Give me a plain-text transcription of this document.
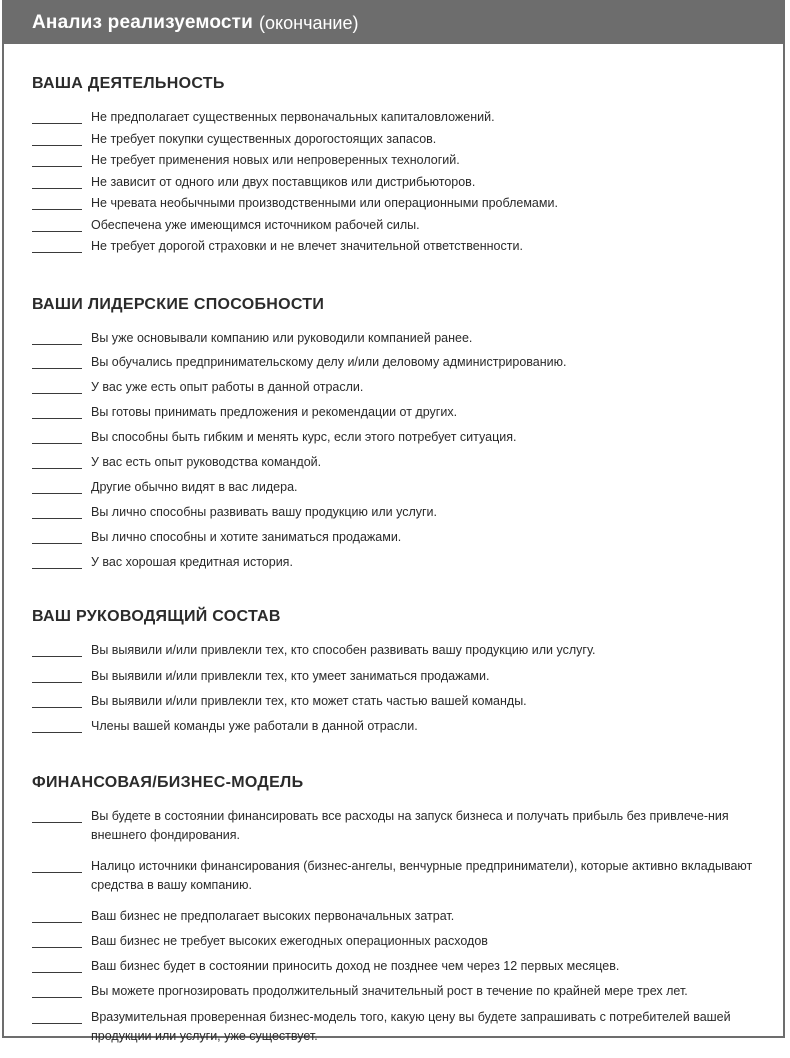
Анализ реализуемости (окончание)
ВАША ДЕЯТЕЛЬНОСТЬ
Не предполагает существенных первоначальных капиталовложений.
Не требует покупки существенных дорогостоящих запасов.
Не требует применения новых или непроверенных технологий.
Не зависит от одного или двух поставщиков или дистрибьюторов.
Не чревата необычными производственными или операционными проблемами.
Обеспечена уже имеющимся источником рабочей силы.
Не требует дорогой страховки и не влечет значительной ответственности.
ВАШИ ЛИДЕРСКИЕ СПОСОБНОСТИ
Вы уже основывали компанию или руководили компанией ранее.
Вы обучались предпринимательскому делу и/или деловому администрированию.
У вас уже есть опыт работы в данной отрасли.
Вы готовы принимать предложения и рекомендации от других.
Вы способны быть гибким и менять курс, если этого потребует ситуация.
У вас есть опыт руководства командой.
Другие обычно видят в вас лидера.
Вы лично способны развивать вашу продукцию или услуги.
Вы лично способны и хотите заниматься продажами.
У вас хорошая кредитная история.
ВАШ РУКОВОДЯЩИЙ СОСТАВ
Вы выявили и/или привлекли тех, кто способен развивать вашу продукцию или услугу.
Вы выявили и/или привлекли тех, кто умеет заниматься продажами.
Вы выявили и/или привлекли тех, кто может стать частью вашей команды.
Члены вашей команды уже работали в данной отрасли.
ФИНАНСОВАЯ/БИЗНЕС-МОДЕЛЬ
Вы будете в состоянии финансировать все расходы на запуск бизнеса и получать прибыль без привлече-ния внешнего фондирования.
Налицо источники финансирования (бизнес-ангелы, венчурные предприниматели), которые активно вкладывают средства в вашу компанию.
Ваш бизнес не предполагает высоких первоначальных затрат.
Ваш бизнес не требует высоких ежегодных операционных расходов
Ваш бизнес будет в состоянии приносить доход не позднее чем через 12 первых месяцев.
Вы можете прогнозировать продолжительный значительный рост в течение по крайней мере трех лет.
Вразумительная проверенная бизнес-модель того, какую цену вы будете запрашивать с потребителей вашей продукции или услуги, уже существует.
